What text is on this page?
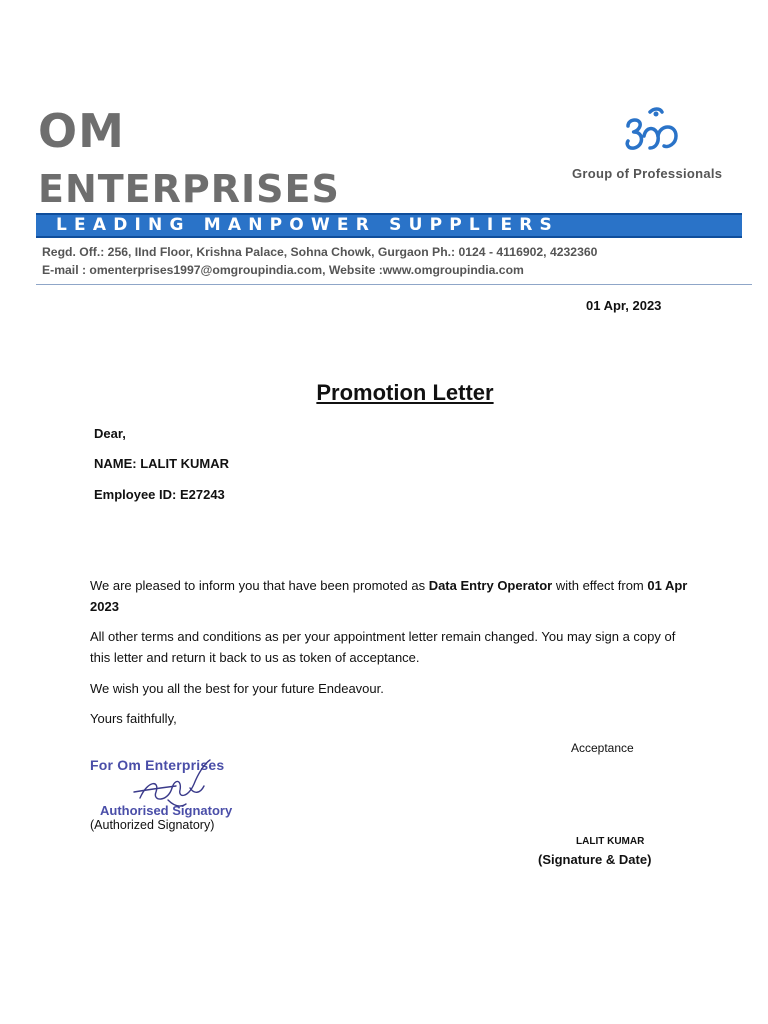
OM
ENTERPRISES	Group of Professionals
LEADING MANPOWER SUPPLIERS
Regd. Off.: 256, IInd Floor, Krishna Palace, Sohna Chowk, Gurgaon Ph.: 0124 - 4116902, 4232360
E-mail : omenterprises1997@omgroupindia.com, Website :www.omgroupindia.com
01 Apr, 2023
Promotion Letter
Dear,
NAME: LALIT KUMAR
Employee ID: E27243
We are pleased to inform you that have been promoted as Data Entry Operator with effect from 01 Apr 2023
All other terms and conditions as per your appointment letter remain changed. You may sign a copy of this letter and return it back to us as token of acceptance.
We wish you all the best for your future Endeavour.
Yours faithfully,
Acceptance
For Om Enterprises
Authorised Signatory
(Authorized Signatory)
LALIT KUMAR
(Signature & Date)
